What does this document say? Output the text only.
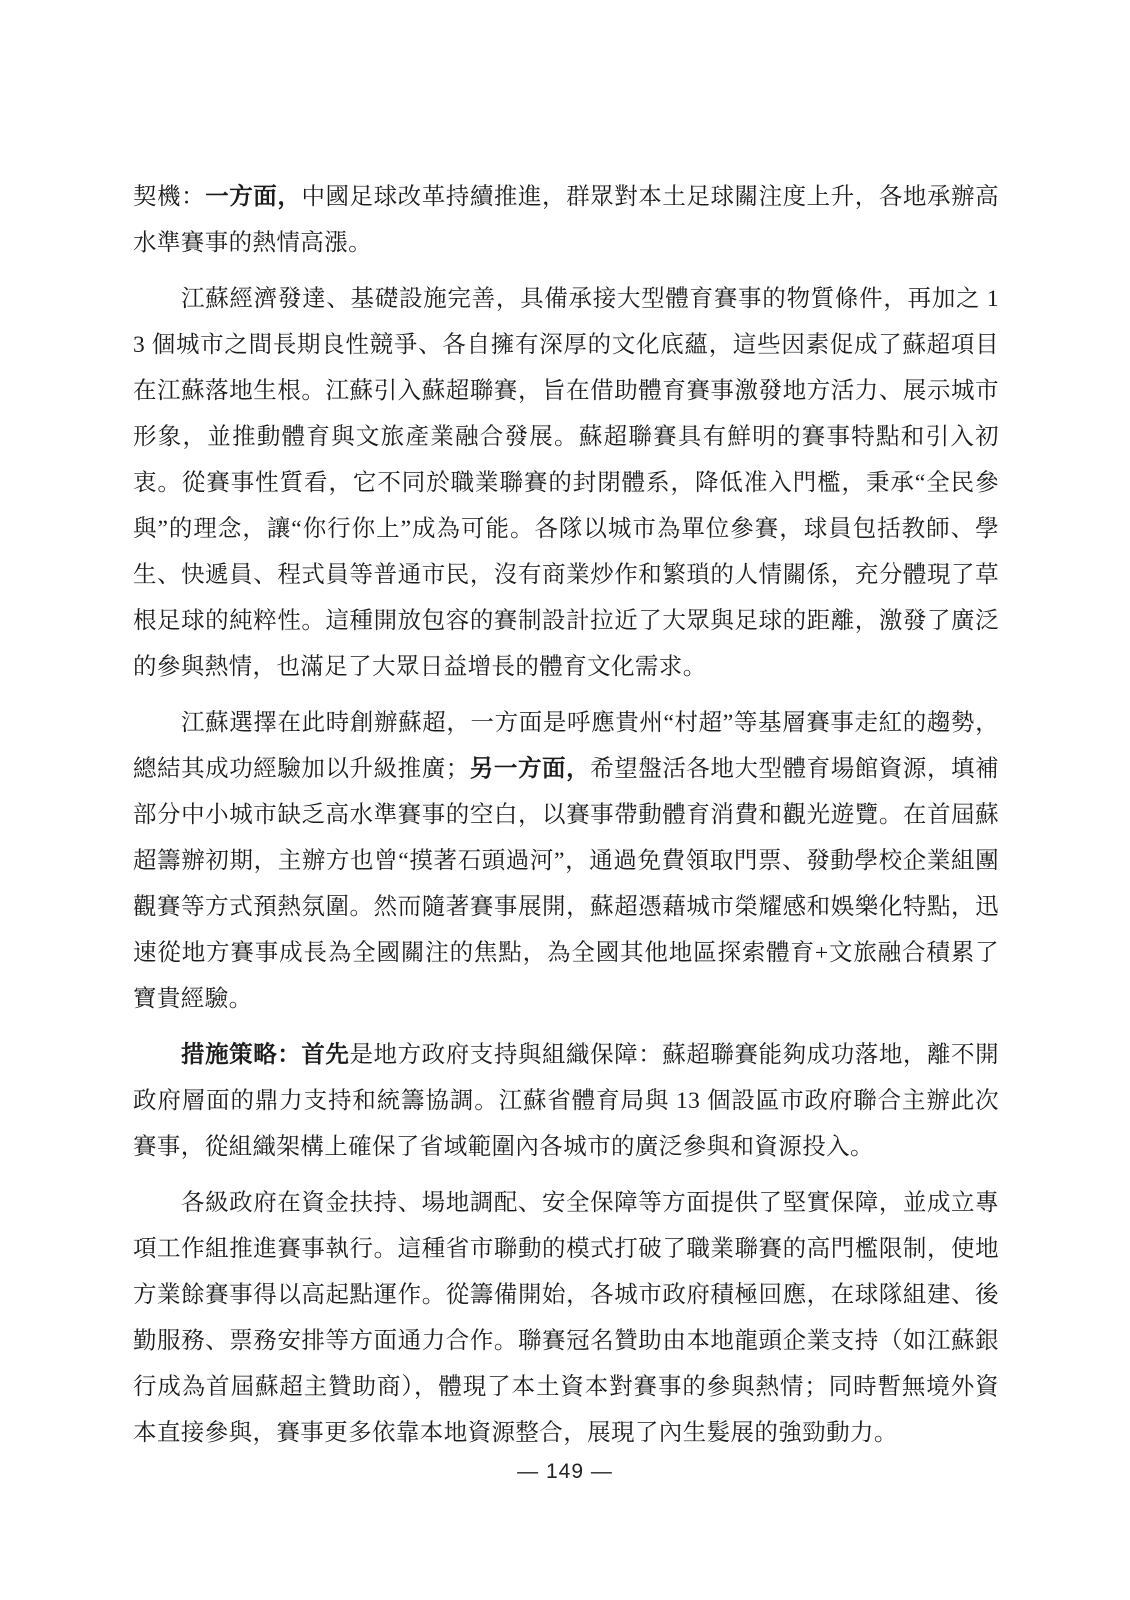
契機：一方面，中國足球改革持續推進，群眾對本土足球關注度上升，各地承辦高水準賽事的熱情高漲。

江蘇經濟發達、基礎設施完善，具備承接大型體育賽事的物質條件，再加之 13 個城市之間長期良性競爭、各自擁有深厚的文化底蘊，這些因素促成了蘇超項目在江蘇落地生根。江蘇引入蘇超聯賽，旨在借助體育賽事激發地方活力、展示城市形象，並推動體育與文旅產業融合發展。蘇超聯賽具有鮮明的賽事特點和引入初衷。從賽事性質看，它不同於職業聯賽的封閉體系，降低准入門檻，秉承“全民參與”的理念，讓“你行你上”成為可能。各隊以城市為單位參賽，球員包括教師、學生、快遞員、程式員等普通市民，沒有商業炒作和繁瑣的人情關係，充分體現了草根足球的純粹性。這種開放包容的賽制設計拉近了大眾與足球的距離，激發了廣泛的參與熱情，也滿足了大眾日益增長的體育文化需求。

江蘇選擇在此時創辦蘇超，一方面是呼應貴州“村超”等基層賽事走紅的趨勢，總結其成功經驗加以升級推廣；另一方面，希望盤活各地大型體育場館資源，填補部分中小城市缺乏高水準賽事的空白，以賽事帶動體育消費和觀光遊覽。在首屆蘇超籌辦初期，主辦方也曾“摸著石頭過河”，通過免費領取門票、發動學校企業組團觀賽等方式預熱氛圍。然而隨著賽事展開，蘇超憑藉城市榮耀感和娛樂化特點，迅速從地方賽事成長為全國關注的焦點，為全國其他地區探索體育+文旅融合積累了寶貴經驗。

措施策略：首先是地方政府支持與組織保障：蘇超聯賽能夠成功落地，離不開政府層面的鼎力支持和統籌協調。江蘇省體育局與 13 個設區市政府聯合主辦此次賽事，從組織架構上確保了省域範圍內各城市的廣泛參與和資源投入。

各級政府在資金扶持、場地調配、安全保障等方面提供了堅實保障，並成立專項工作組推進賽事執行。這種省市聯動的模式打破了職業聯賽的高門檻限制，使地方業餘賽事得以高起點運作。從籌備開始，各城市政府積極回應，在球隊組建、後勤服務、票務安排等方面通力合作。聯賽冠名贊助由本地龍頭企業支持（如江蘇銀行成為首屆蘇超主贊助商），體現了本土資本對賽事的參與熱情；同時暫無境外資本直接參與，賽事更多依靠本地資源整合，展現了內生髮展的強勁動力。

— 149 —
